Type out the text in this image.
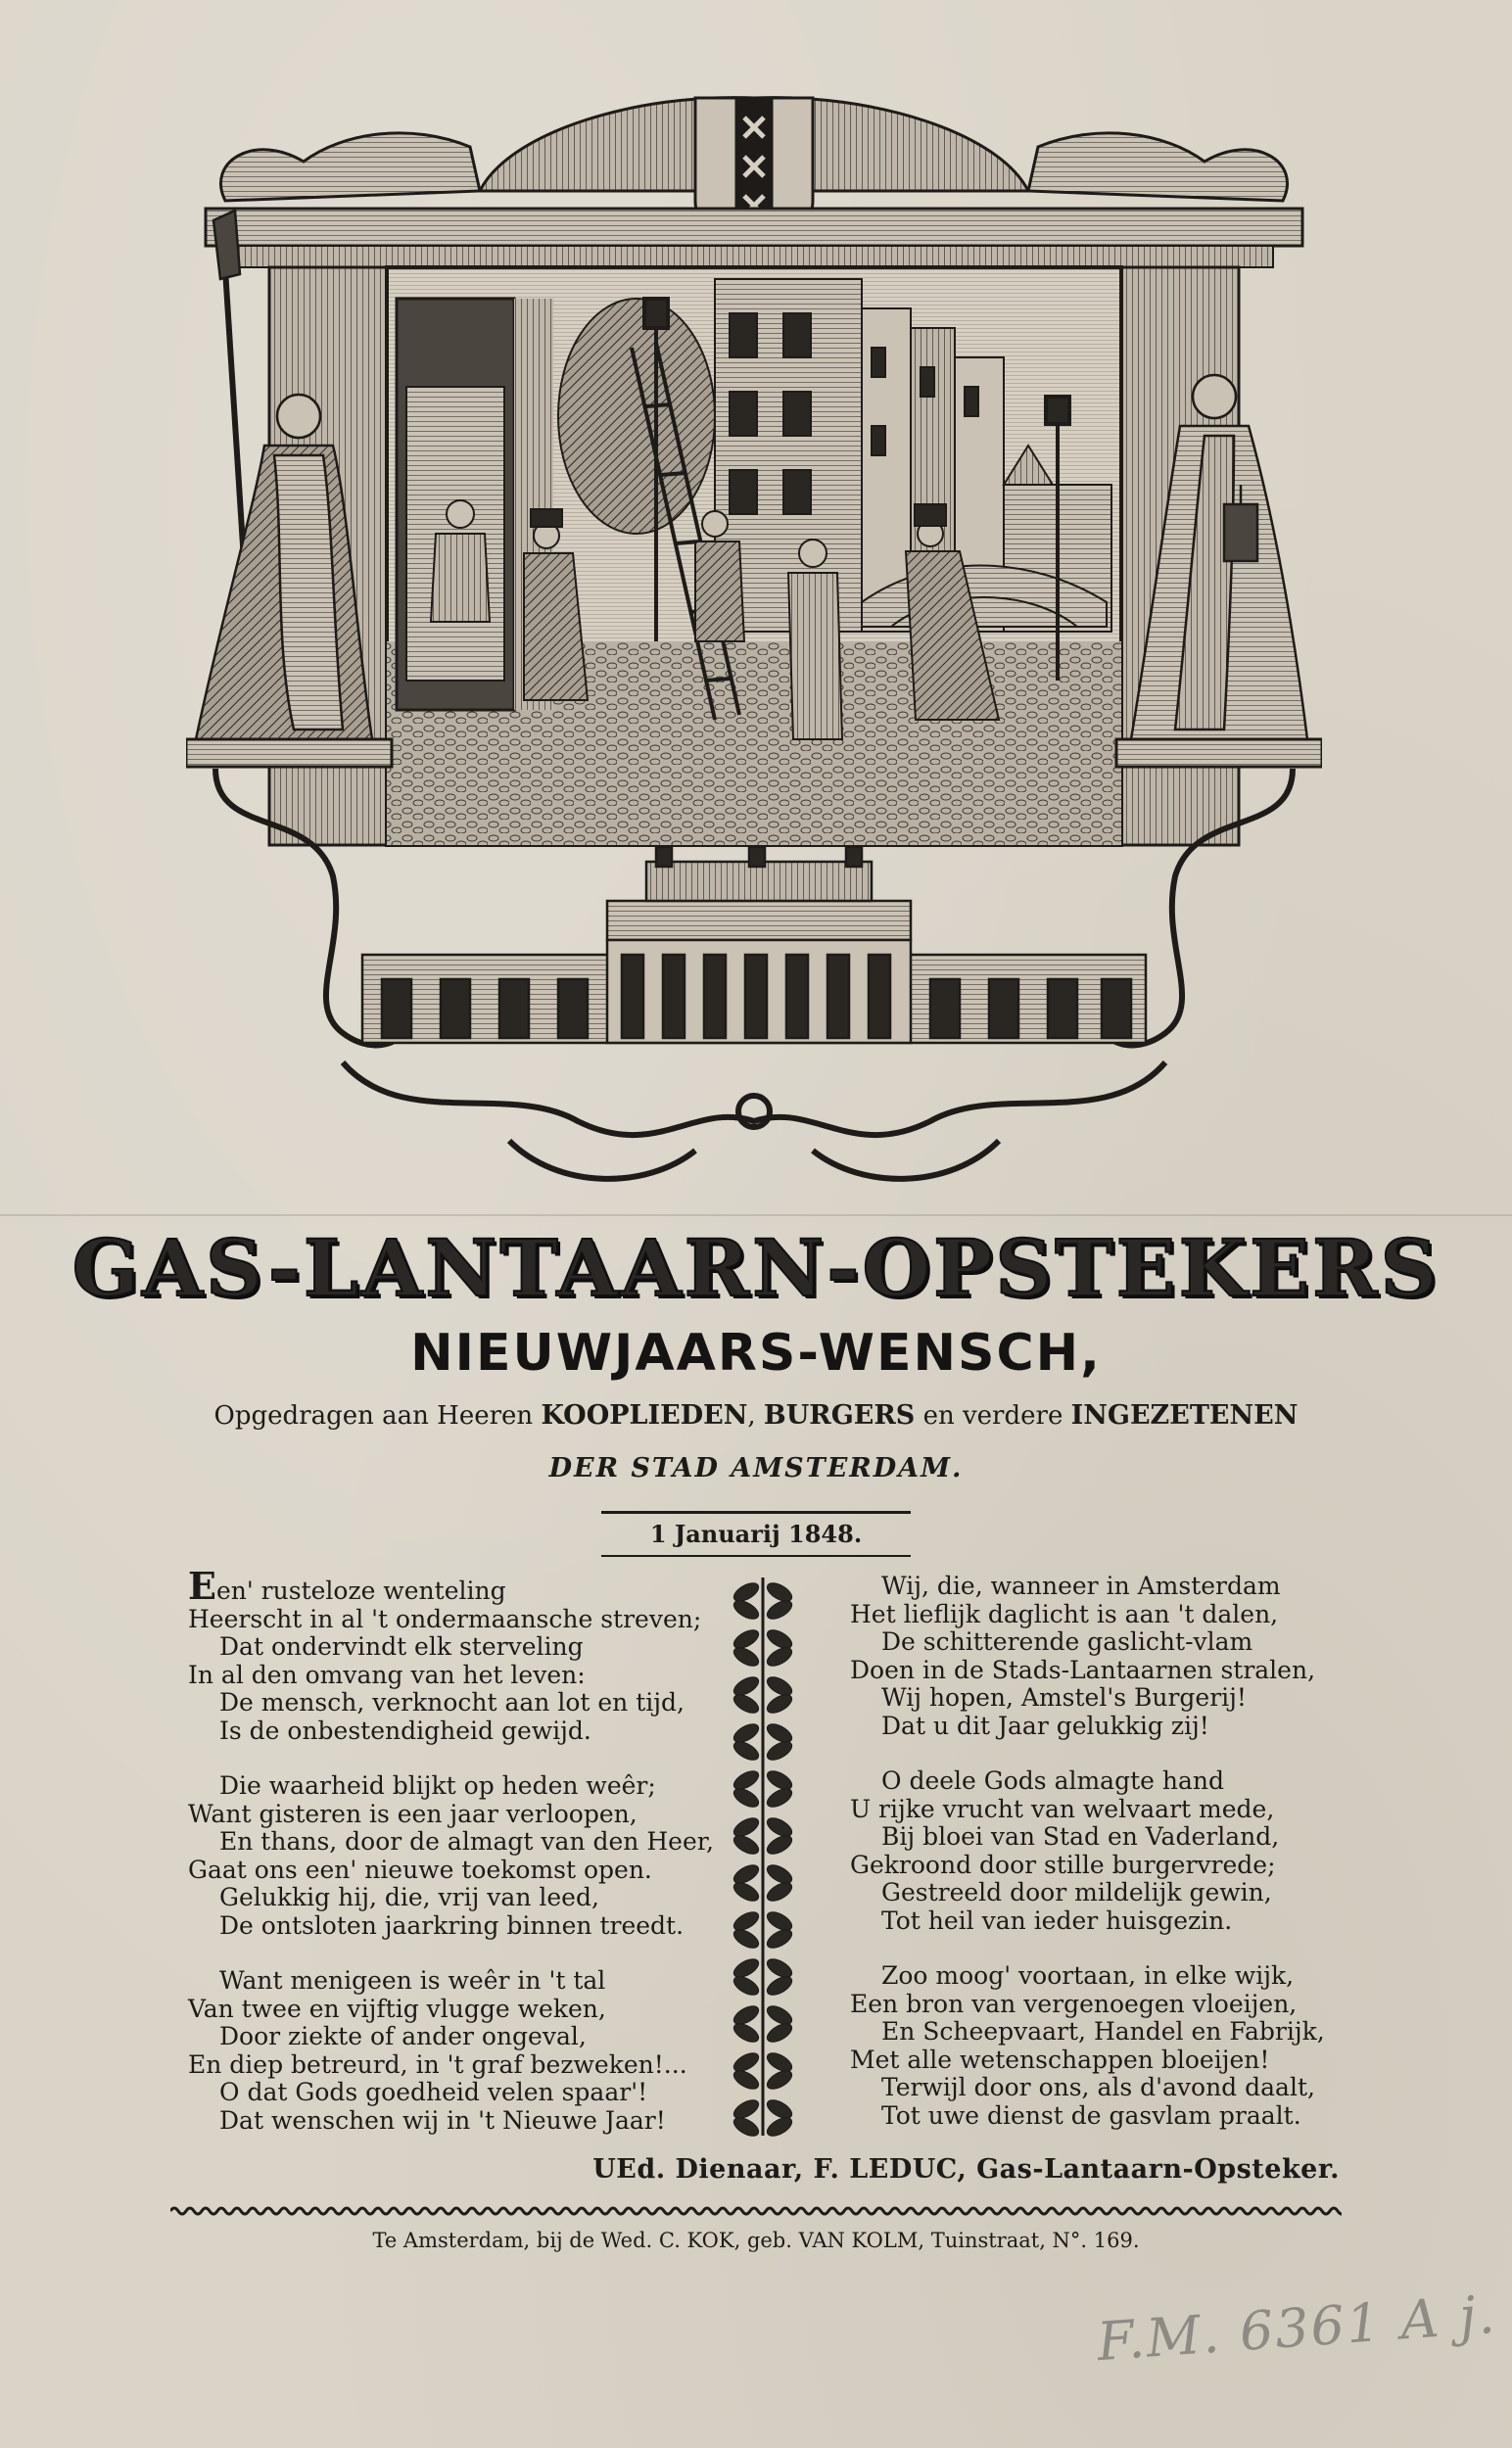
GAS-LANTAARN-OPSTEKERS
NIEUWJAARS-WENSCH,
Opgedragen aan Heeren KOOPLIEDEN, BURGERS en verdere INGEZETENEN
DER STAD AMSTERDAM.
1 Januarij 1848.
Een' rusteloze wenteling
Heerscht in al 't ondermaansche streven;
Dat ondervindt elk sterveling
In al den omvang van het leven:
De mensch, verknocht aan lot en tijd,
Is de onbestendigheid gewijd.
Die waarheid blijkt op heden weêr;
Want gisteren is een jaar verloopen,
En thans, door de almagt van den Heer,
Gaat ons een' nieuwe toekomst open.
Gelukkig hij, die, vrij van leed,
De ontsloten jaarkring binnen treedt.
Want menigeen is weêr in 't tal
Van twee en vijftig vlugge weken,
Door ziekte of ander ongeval,
En diep betreurd, in 't graf bezweken!...
O dat Gods goedheid velen spaar'!
Dat wenschen wij in 't Nieuwe Jaar!
Wij, die, wanneer in Amsterdam
Het lieflijk daglicht is aan 't dalen,
De schitterende gaslicht-vlam
Doen in de Stads-Lantaarnen stralen,
Wij hopen, Amstel's Burgerij!
Dat u dit Jaar gelukkig zij!
O deele Gods almagte hand
U rijke vrucht van welvaart mede,
Bij bloei van Stad en Vaderland,
Gekroond door stille burgervrede;
Gestreeld door mildelijk gewin,
Tot heil van ieder huisgezin.
Zoo moog' voortaan, in elke wijk,
Een bron van vergenoegen vloeijen,
En Scheepvaart, Handel en Fabrijk,
Met alle wetenschappen bloeijen!
Terwijl door ons, als d'avond daalt,
Tot uwe dienst de gasvlam praalt.
UEd. Dienaar, F. LEDUC, Gas-Lantaarn-Opsteker.
Te Amsterdam, bij de Wed. C. KOK, geb. VAN KOLM, Tuinstraat, N°. 169.
F.M. 6361 A j.
